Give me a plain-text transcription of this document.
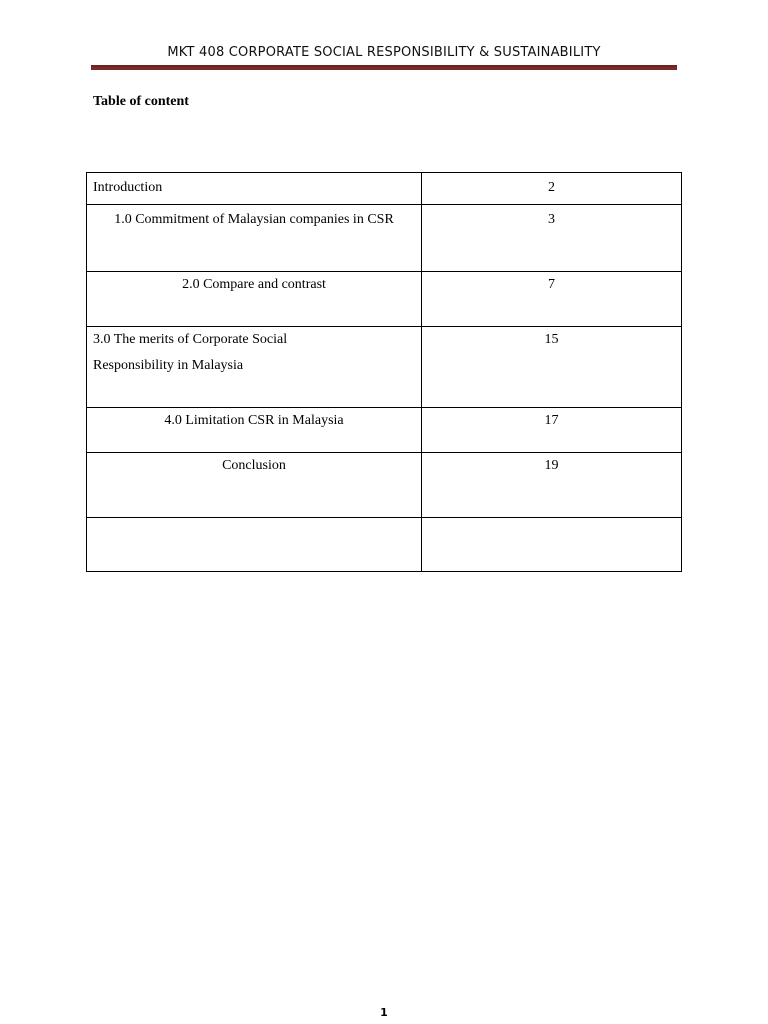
MKT 408 CORPORATE SOCIAL RESPONSIBILITY & SUSTAINABILITY
Table of content
Introduction	2
1.0 Commitment of Malaysian companies in CSR	3
2.0 Compare and contrast	7
3.0 The merits of Corporate Social Responsibility in Malaysia	15
4.0 Limitation CSR in Malaysia	17
Conclusion	19

1
